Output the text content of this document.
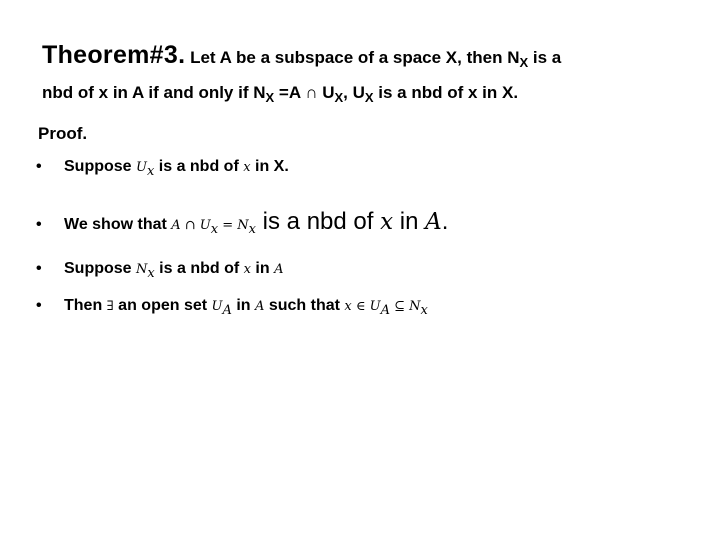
Theorem#3. Let A be a subspace of a space X, then $N_X$ is a
nbd of x in A if and only if $N_X =A$ ∩ $U_X$, $U_X$ is a nbd of x in X.
Proof.
• Suppose $U_x$ is a nbd of x in X.
• We show that A ∩ $U_x = N_x$ is a nbd of x in A.
• Suppose $N_x$ is a nbd of x in A
• Then ∃ an open set $U_A$ in A such that x ∈ $U_A$ ⊆ $N_x$
